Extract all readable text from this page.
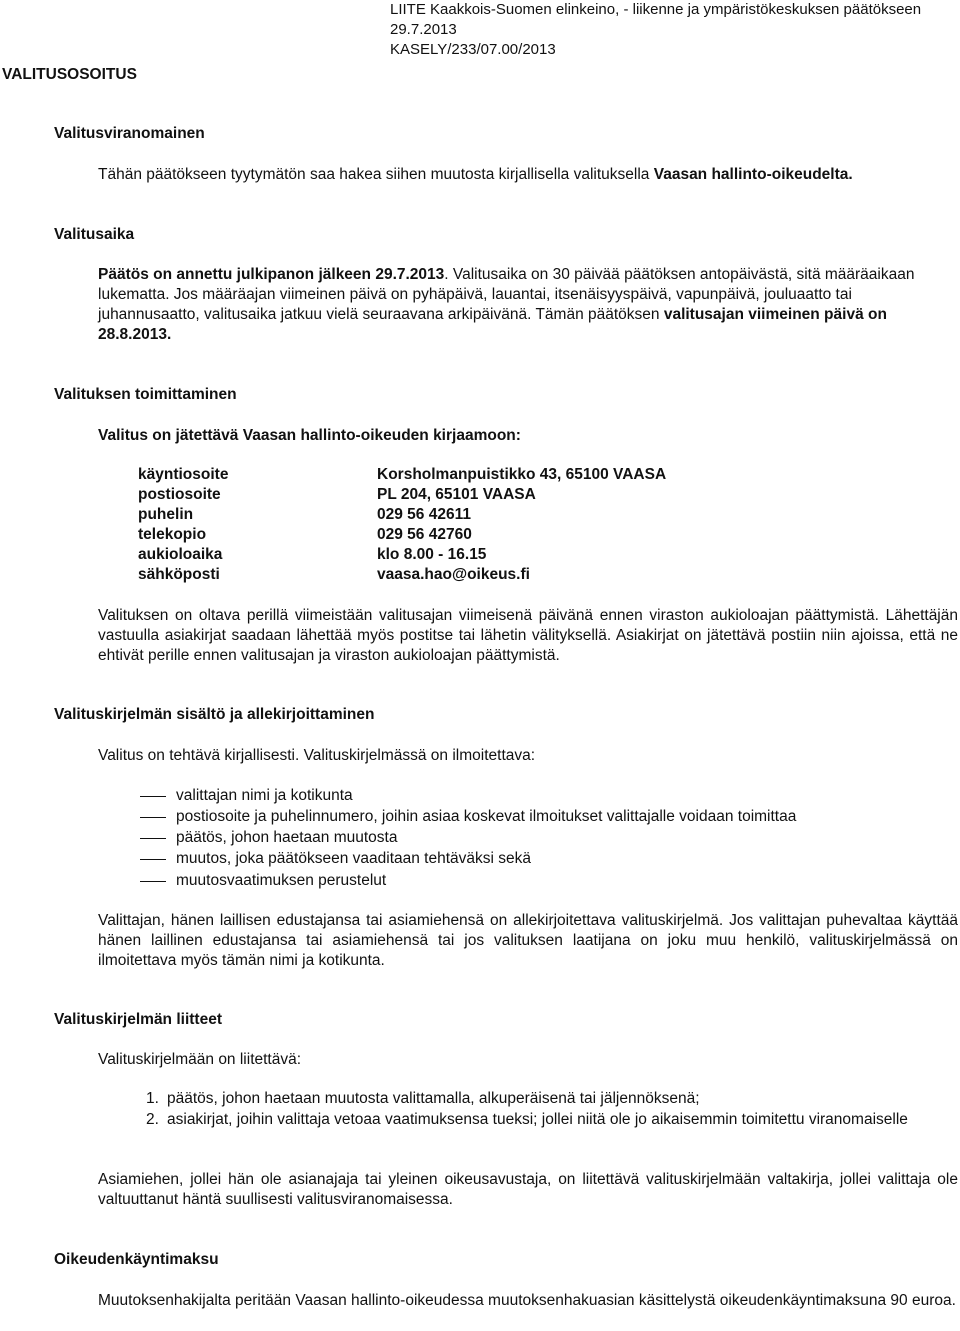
LIITE Kaakkois-Suomen elinkeino, - liikenne ja ympäristökeskuksen päätökseen 29.7.2013
KASELY/233/07.00/2013
VALITUSOSOITUS
Valitusviranomainen
Tähän päätökseen tyytymätön saa hakea siihen muutosta kirjallisella valituksella Vaasan hallinto-oikeudelta.
Valitusaika
Päätös on annettu julkipanon jälkeen 29.7.2013. Valitusaika on 30 päivää päätöksen antopäivästä, sitä määräaikaan lukematta. Jos määräajan viimeinen päivä on pyhäpäivä, lauantai, itsenäisyyspäivä, vapunpäivä, jouluaatto tai juhannusaatto, valitusaika jatkuu vielä seuraavana arkipäivänä. Tämän päätöksen valitusajan viimeinen päivä on 28.8.2013.
Valituksen toimittaminen
Valitus on jätettävä Vaasan hallinto-oikeuden kirjaamoon:
käyntiosoite	Korsholmanpuistikko 43, 65100 VAASA
postiosoite	PL 204, 65101 VAASA
puhelin	029 56 42611
telekopio	029 56 42760
aukioloaika	klo 8.00 - 16.15
sähköposti	vaasa.hao@oikeus.fi
Valituksen on oltava perillä viimeistään valitusajan viimeisenä päivänä ennen viraston aukioloajan päättymistä. Lähettäjän vastuulla asiakirjat saadaan lähettää myös postitse tai lähetin välityksellä. Asiakirjat on jätettävä postiin niin ajoissa, että ne ehtivät perille ennen valitusajan ja viraston aukioloajan päättymistä.
Valituskirjelmän sisältö ja allekirjoittaminen
Valitus on tehtävä kirjallisesti. Valituskirjelmässä on ilmoitettava:
valittajan nimi ja kotikunta
postiosoite ja puhelinnumero, joihin asiaa koskevat ilmoitukset valittajalle voidaan toimittaa
päätös, johon haetaan muutosta
muutos, joka päätökseen vaaditaan tehtäväksi sekä
muutosvaatimuksen perustelut
Valittajan, hänen laillisen edustajansa tai asiamiehensä on allekirjoitettava valituskirjelmä. Jos valittajan puhevaltaa käyttää hänen laillinen edustajansa tai asiamiehensä tai jos valituksen laatijana on joku muu henkilö, valituskirjelmässä on ilmoitettava myös tämän nimi ja kotikunta.
Valituskirjelmän liitteet
Valituskirjelmään on liitettävä:
1. päätös, johon haetaan muutosta valittamalla, alkuperäisenä tai jäljennöksenä;
2. asiakirjat, joihin valittaja vetoaa vaatimuksensa tueksi; jollei niitä ole jo aikaisemmin toimitettu viranomaiselle
Asiamiehen, jollei hän ole asianajaja tai yleinen oikeusavustaja, on liitettävä valituskirjelmään valtakirja, jollei valittaja ole valtuuttanut häntä suullisesti valitusviranomaisessa.
Oikeudenkäyntimaksu
Muutoksenhakijalta peritään Vaasan hallinto-oikeudessa muutoksenhakuasian käsittelystä oikeudenkäyntimaksuna 90 euroa.
